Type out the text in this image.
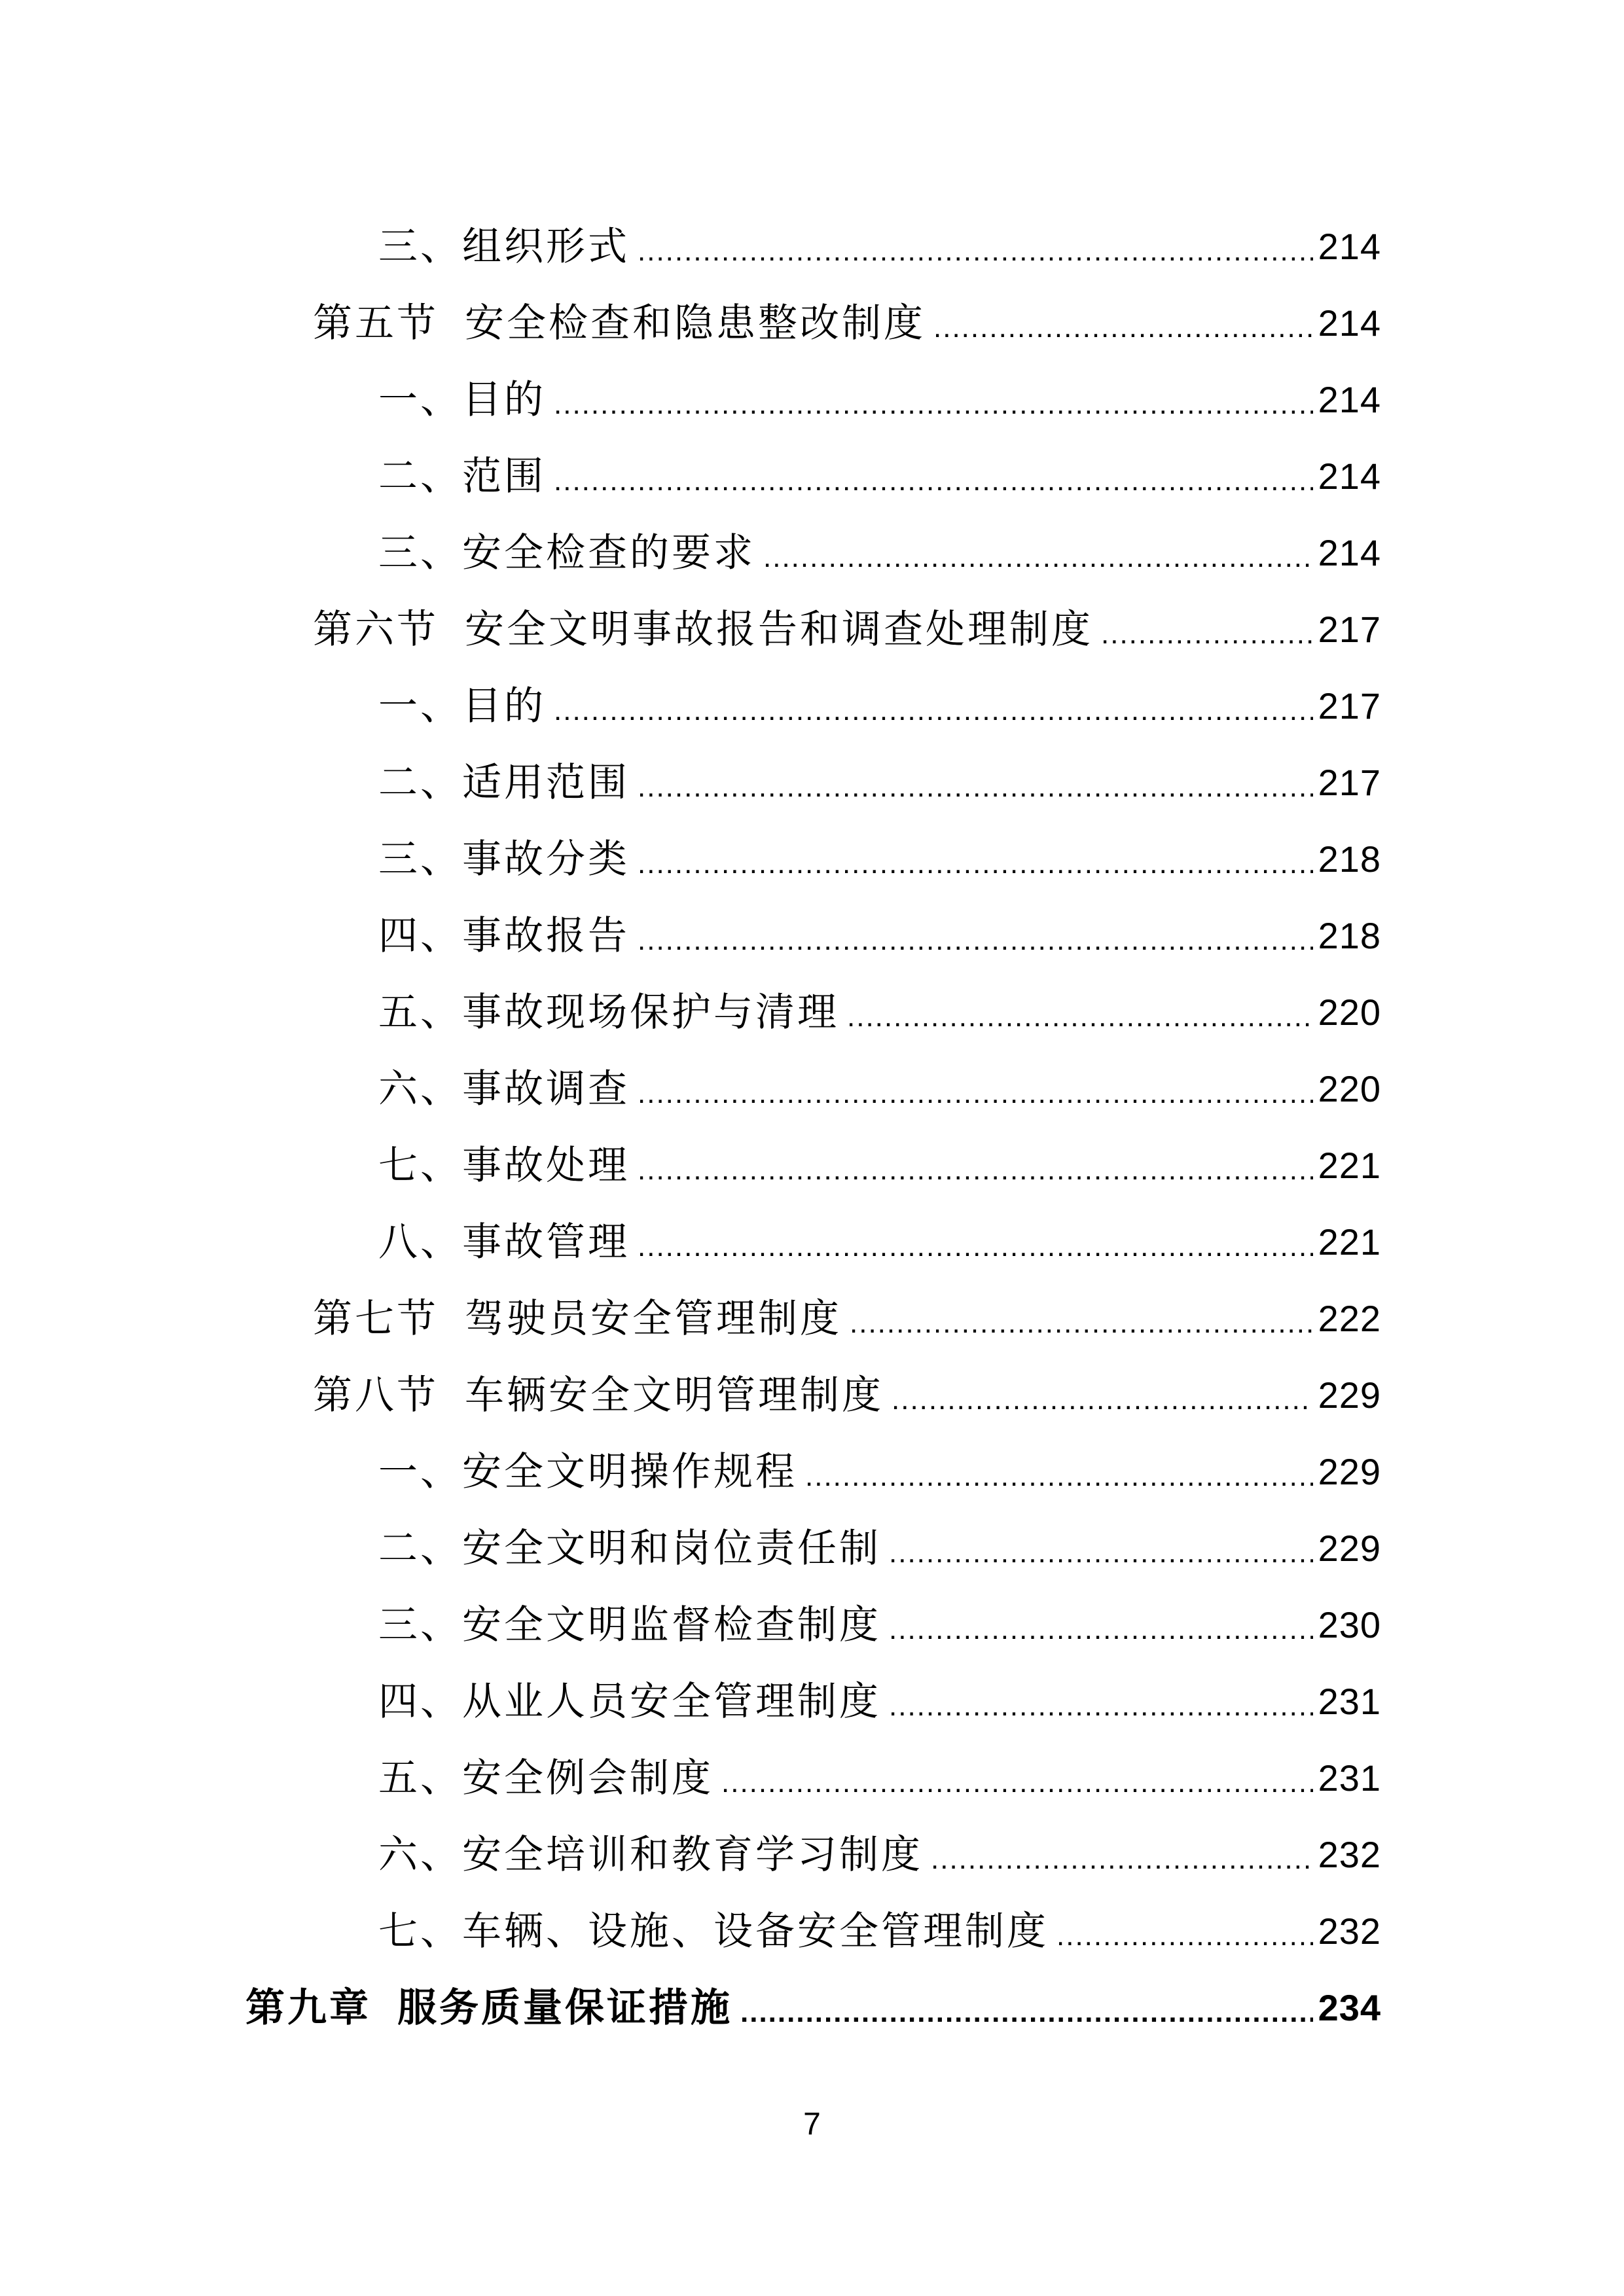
三、组织形式 .....	214
第五节 安全检查和隐患整改制度 .....	214
一、目的 .....	214
二、范围 .....	214
三、安全检查的要求 .....	214
第六节 安全文明事故报告和调查处理制度 .....	217
一、目的 .....	217
二、适用范围 .....	217
三、事故分类 .....	218
四、事故报告 .....	218
五、事故现场保护与清理 .....	220
六、事故调查 .....	220
七、事故处理 .....	221
八、事故管理 .....	221
第七节 驾驶员安全管理制度 .....	222
第八节 车辆安全文明管理制度 .....	229
一、安全文明操作规程 .....	229
二、安全文明和岗位责任制 .....	229
三、安全文明监督检查制度 .....	230
四、从业人员安全管理制度 .....	231
五、安全例会制度 .....	231
六、安全培训和教育学习制度 .....	232
七、车辆、设施、设备安全管理制度 .....	232
第九章 服务质量保证措施 .....	234
7
